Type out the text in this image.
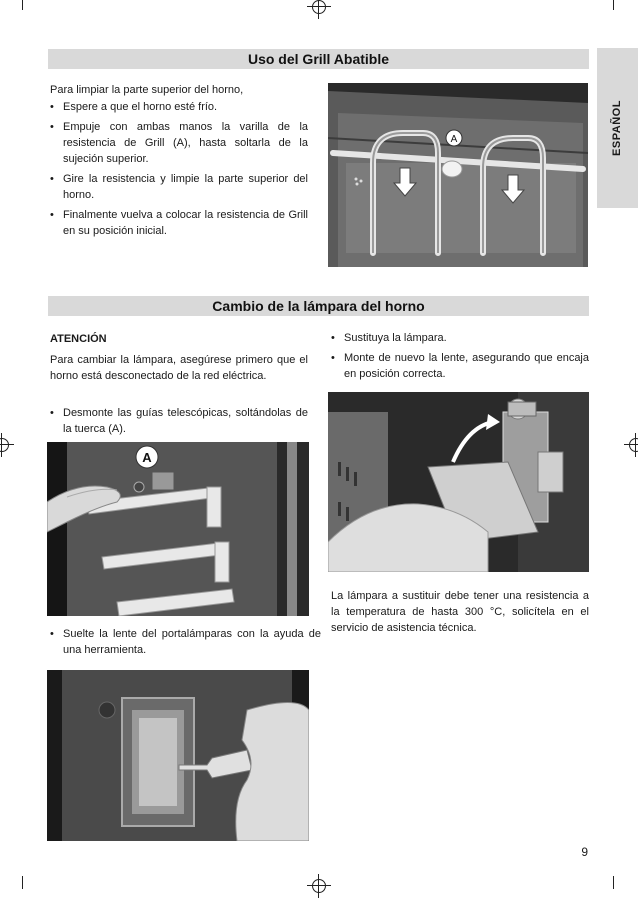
ESPAÑOL
Uso del Grill Abatible

Para limpiar la parte superior del horno,

• Espere a que el horno esté frío.

• Empuje con ambas manos la varilla de la resistencia de Grill (A), hasta soltarla de la sujeción superior.

• Gire la resistencia y limpie la parte superior del horno.

• Finalmente vuelva a colocar la resistencia de Grill en su posición inicial.

A
Cambio de la lámpara del horno
ATENCIÓN

Para cambiar la lámpara, asegúrese primero que el horno está desconectado de la red eléctrica.

• Desmonte las guías telescópicas, soltándolas de la tuerca (A).

A

• Suelte la lente del portalámparas con la ayuda de una herramienta.

• Sustituya la lámpara.

• Monte de nuevo la lente, asegurando que encaja en posición correcta.

La lámpara a sustituir debe tener una resistencia a la temperatura de hasta 300 °C, solicítela en el servicio de asistencia técnica.

9
